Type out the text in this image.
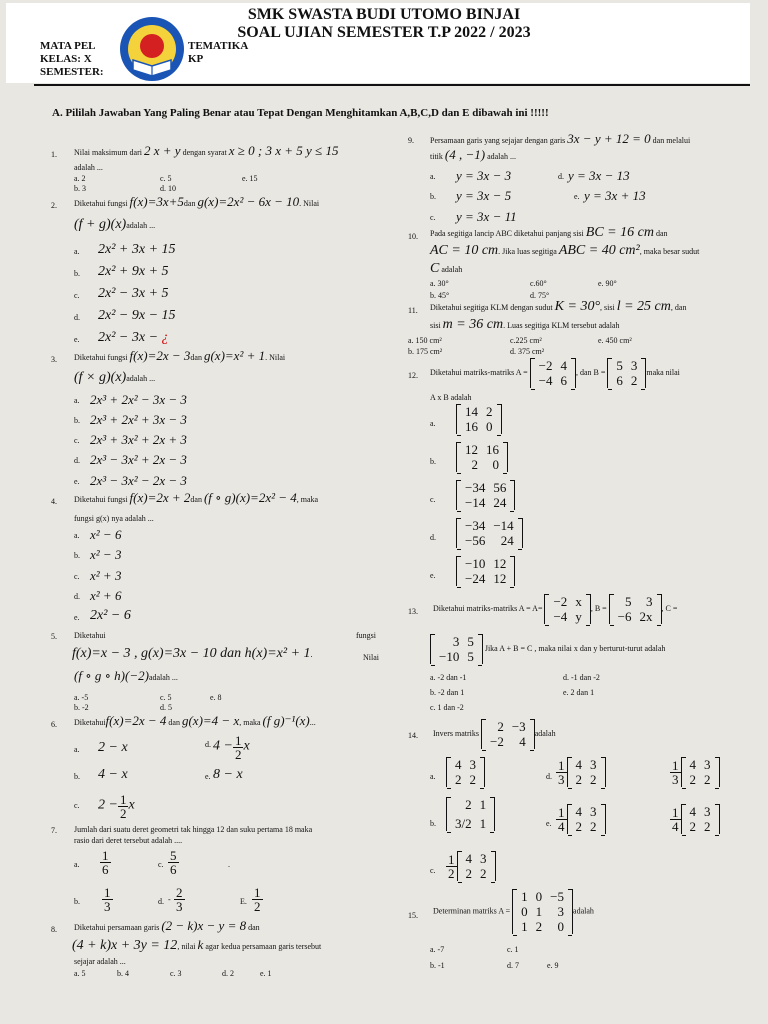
SMK SWASTA BUDI UTOMO BINJAI
SOAL UJIAN SEMESTER T.P 2022 / 2023
MATA PEL	TEMATIKA
KELAS: X	KP
SEMESTER:
A. Pililah Jawaban Yang Paling Benar atau Tepat Dengan Menghitamkan A,B,C,D dan E dibawah ini !!!!!
1. Nilai maksimum dari 2 x + y dengan syarat x ≥ 0 ; 3 x + 5 y ≤ 15
adalah ...
a. 2	c. 5	e. 15
b. 3	d. 10
2. Diketahui fungsi f(x)=3x+5dan g(x)=2x² − 6x − 10. Nilai
(f + g)(x)adalah ...
a. 2x² + 3x + 15
b. 2x² + 9x + 5
c. 2x² − 3x + 5
d. 2x² − 9x − 15
e. 2x² − 3x − ¿
3. Diketahui fungsi f(x)=2x − 3dan g(x)=x² + 1. Nilai
(f × g)(x)adalah ...
a. 2x³ + 2x² − 3x − 3
b. 2x³ + 2x² + 3x − 3
c. 2x³ + 3x² + 2x + 3
d. 2x³ − 3x² + 2x − 3
e. 2x³ − 3x² − 2x − 3
4. Diketahui fungsi f(x)=2x + 2dan (f ∘ g)(x)=2x² − 4, maka
fungsi g(x) nya adalah ...
a. x² − 6
b. x² − 3
c. x² + 3
d. x² + 6
e. 2x² − 6
5. Diketahui	fungsi
f(x)=x − 3 , g(x)=3x − 10 dan h(x)=x² + 1.	Nilai
(f ∘ g ∘ h)(−2)adalah ...
a. -5	c. 5	e. 8
b. -2	d. 5
6. Diketahuif(x)=2x − 4 dan g(x)=4 − x, maka (f g)⁻¹(x)...
a. 2 − x	d. $4 - \frac{1}{2}$ x
b. 4 − x	e. 8 − x
c. $2 - \frac{1}{2}$ x
7. Jumlah dari suatu deret geometri tak hingga 12 dan suku pertama 18 maka
rasio dari deret tersebut adalah ....
a. $\frac{1}{6}$	c. $\frac{5}{6}$	.
b. $\frac{1}{3}$	d. - $\frac{2}{3}$	E. $\frac{1}{2}$
8. Diketahui persamaan garis (2 − k)x − y = 8 dan
(4 + k)x + 3y = 12, nilai k agar kedua persamaan garis tersebut
sejajar adalah ...
a. 5	b. 4	c. 3	d. 2	e. 1
9. Persamaan garis yang sejajar dengan garis 3x − y + 12 = 0 dan melalui
titik (4 , −1) adalah ...
a. y = 3x − 3	d. y = 3x − 13
b. y = 3x − 5	e. y = 3x + 13
c. y = 3x − 11
10. Pada segitiga lancip ABC diketahui panjang sisi BC = 16 cm dan
AC = 10 cm. Jika luas segitiga ABC = 40 cm², maka besar sudut
C adalah
a. 30°	c.60°	e. 90°
b. 45°	d. 75°
11. Diketahui segitiga KLM dengan sudut K = 30°, sisi l = 25 cm, dan
sisi m = 36 cm. Luas segitiga KLM tersebut adalah
a. 150 cm²	c.225 cm²	e. 450 cm²
b. 175 cm²	d. 375 cm²
12. Diketahui matriks-matriks A = −2	4
−4	6
, dan B = 5	3
6	2
maka nilai
A x B adalah
a.
14	2
16	0
b.
12	16
2	0
c.
−34	56
−14	24
d.
−34	−14
−56	24
e.
−10	12
−24	12
13. Diketahui matriks-matriks A = A= −2	x
−4	y
, B = 5	3
−6	2x
, C =
3	5
−10	5
Jika A + B = C , maka nilai x dan y berturut-turut adalah
a. -2 dan -1	d. -1 dan -2
b. -2 dan 1	e. 2 dan 1
c. 1 dan -2
14. Invers matriks 2	−3
−2	4
adalah
a.
4	3
2	2	d. $\frac{1}{3} 4$	3
2	2	$\frac{1}{3} 4$	3
2	2
b.
2	1
3/2	1	e. $\frac{1}{4} 4$	3
2	2	$\frac{1}{4} 4$	3
2	2
c. $\frac{1}{2} 4$	3
2	2
15.
Determinan matriks A =
1	0	−5
0	1	3
1	2	0
adalah
a. -7	c. 1
b. -1	d. 7	e. 9
